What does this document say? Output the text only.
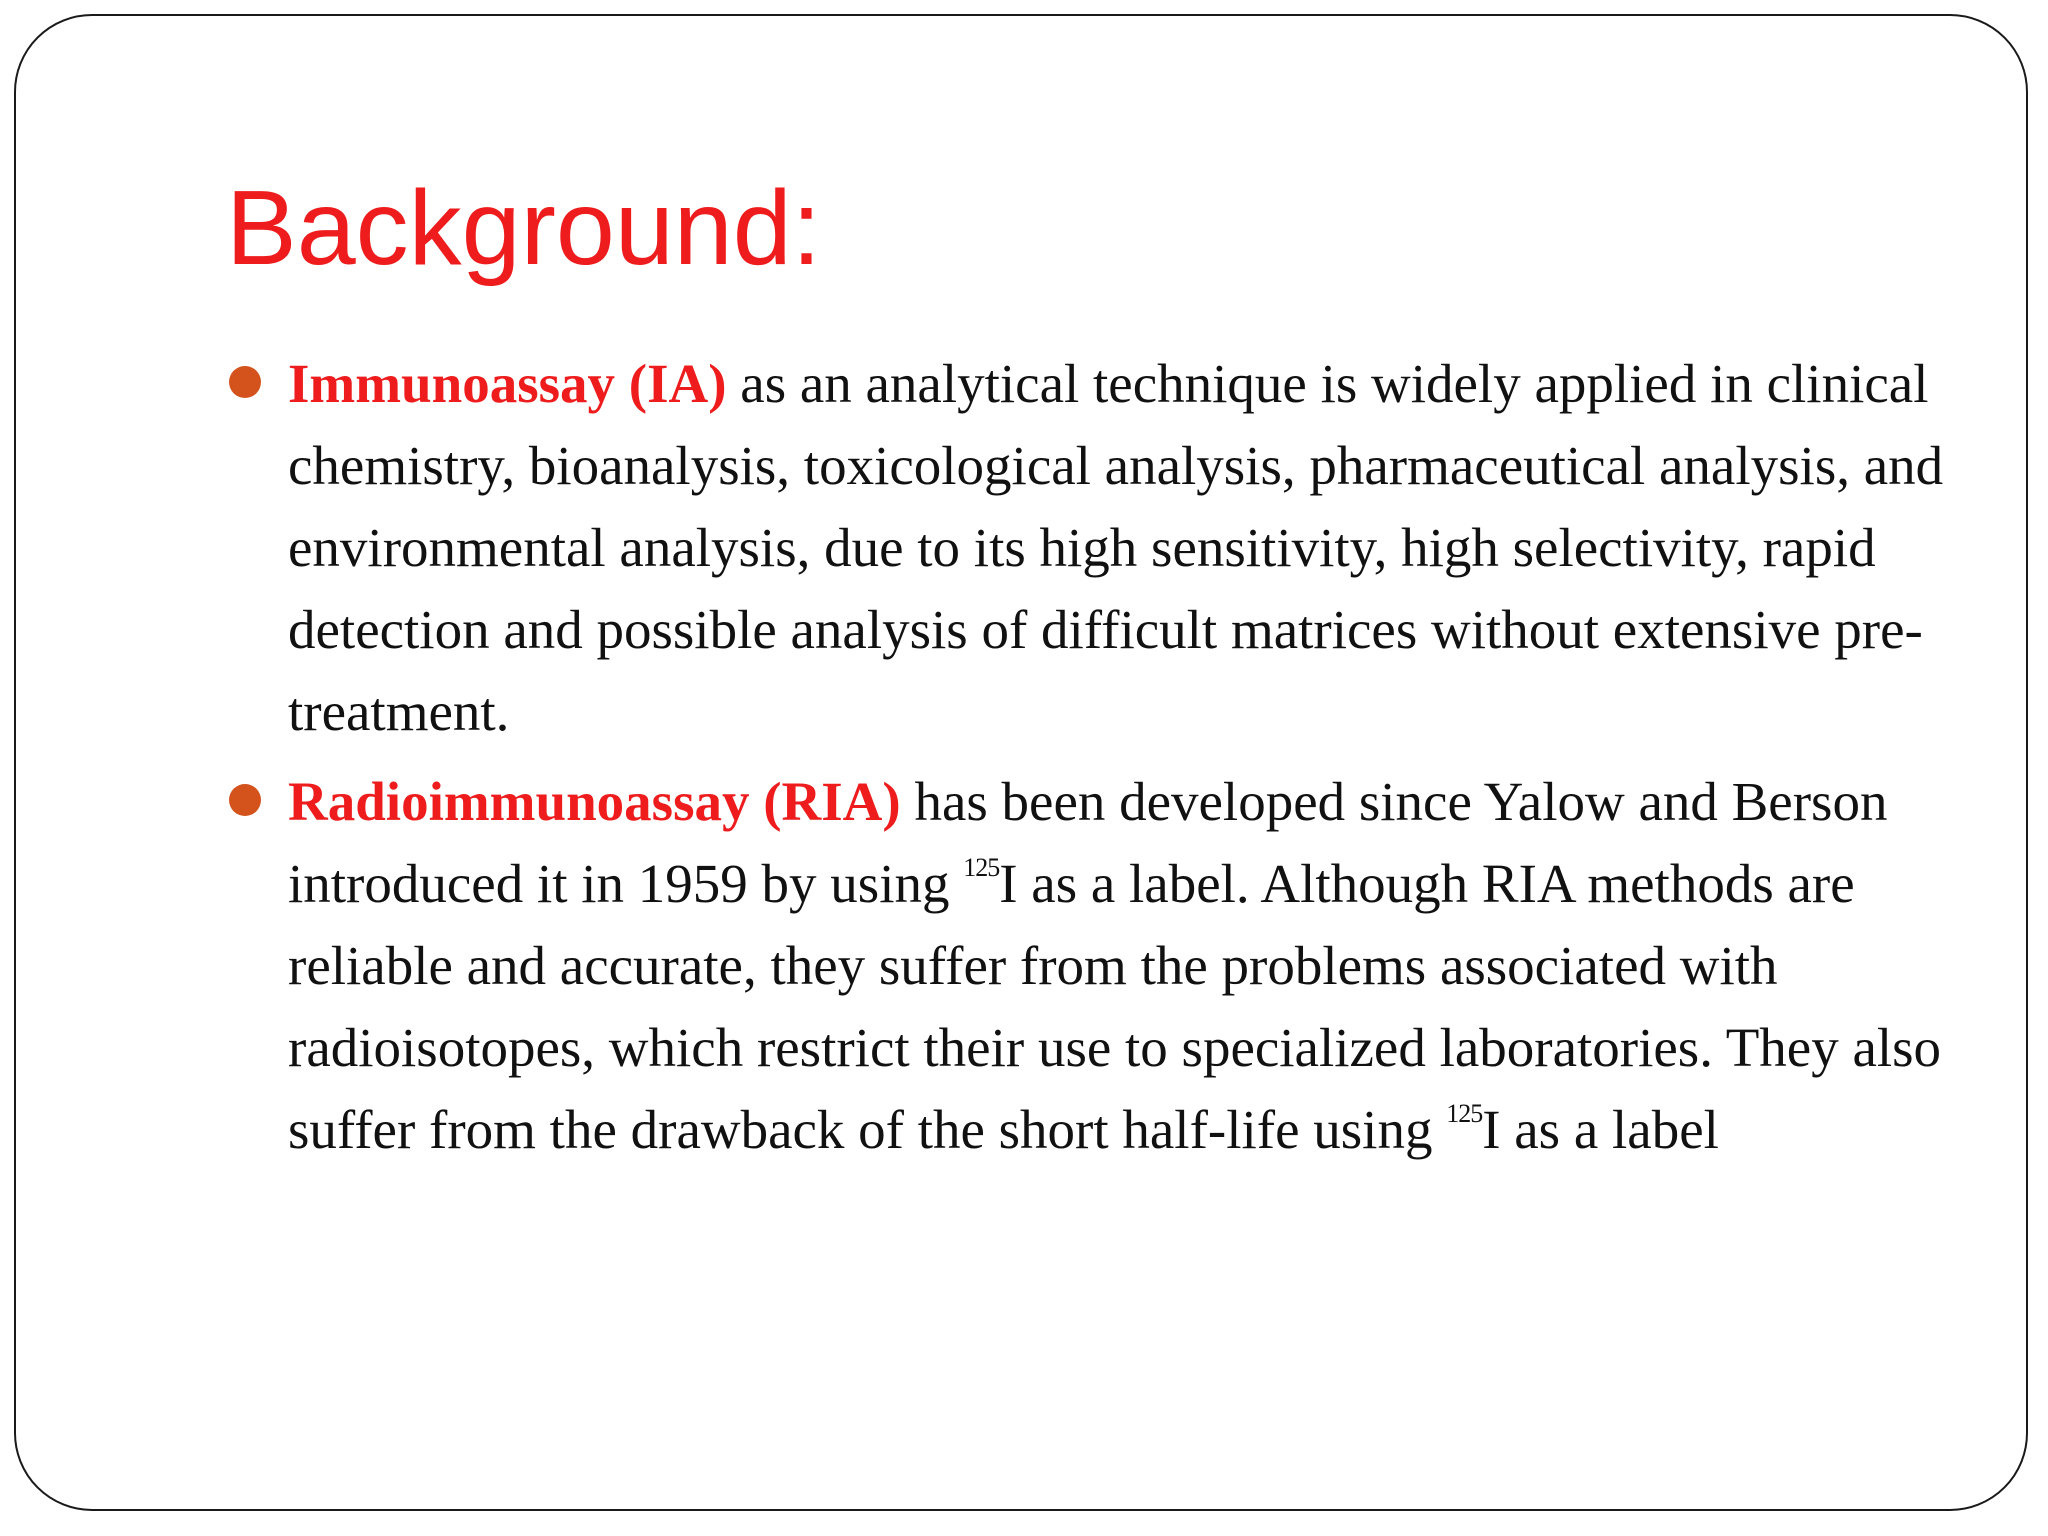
Background:
Immunoassay (IA) as an analytical technique is widely applied in clinical chemistry, bioanalysis, toxicological analysis, pharmaceutical analysis, and environmental analysis, due to its high sensitivity, high selectivity, rapid detection and possible analysis of difficult matrices without extensive pre-treatment.
Radioimmunoassay (RIA) has been developed since Yalow and Berson introduced it in 1959 by using $^{125}$I as a label. Although RIA methods are reliable and accurate, they suffer from the problems associated with radioisotopes, which restrict their use to specialized laboratories. They also suffer from the drawback of the short half-life using $^{125}$I as a label
